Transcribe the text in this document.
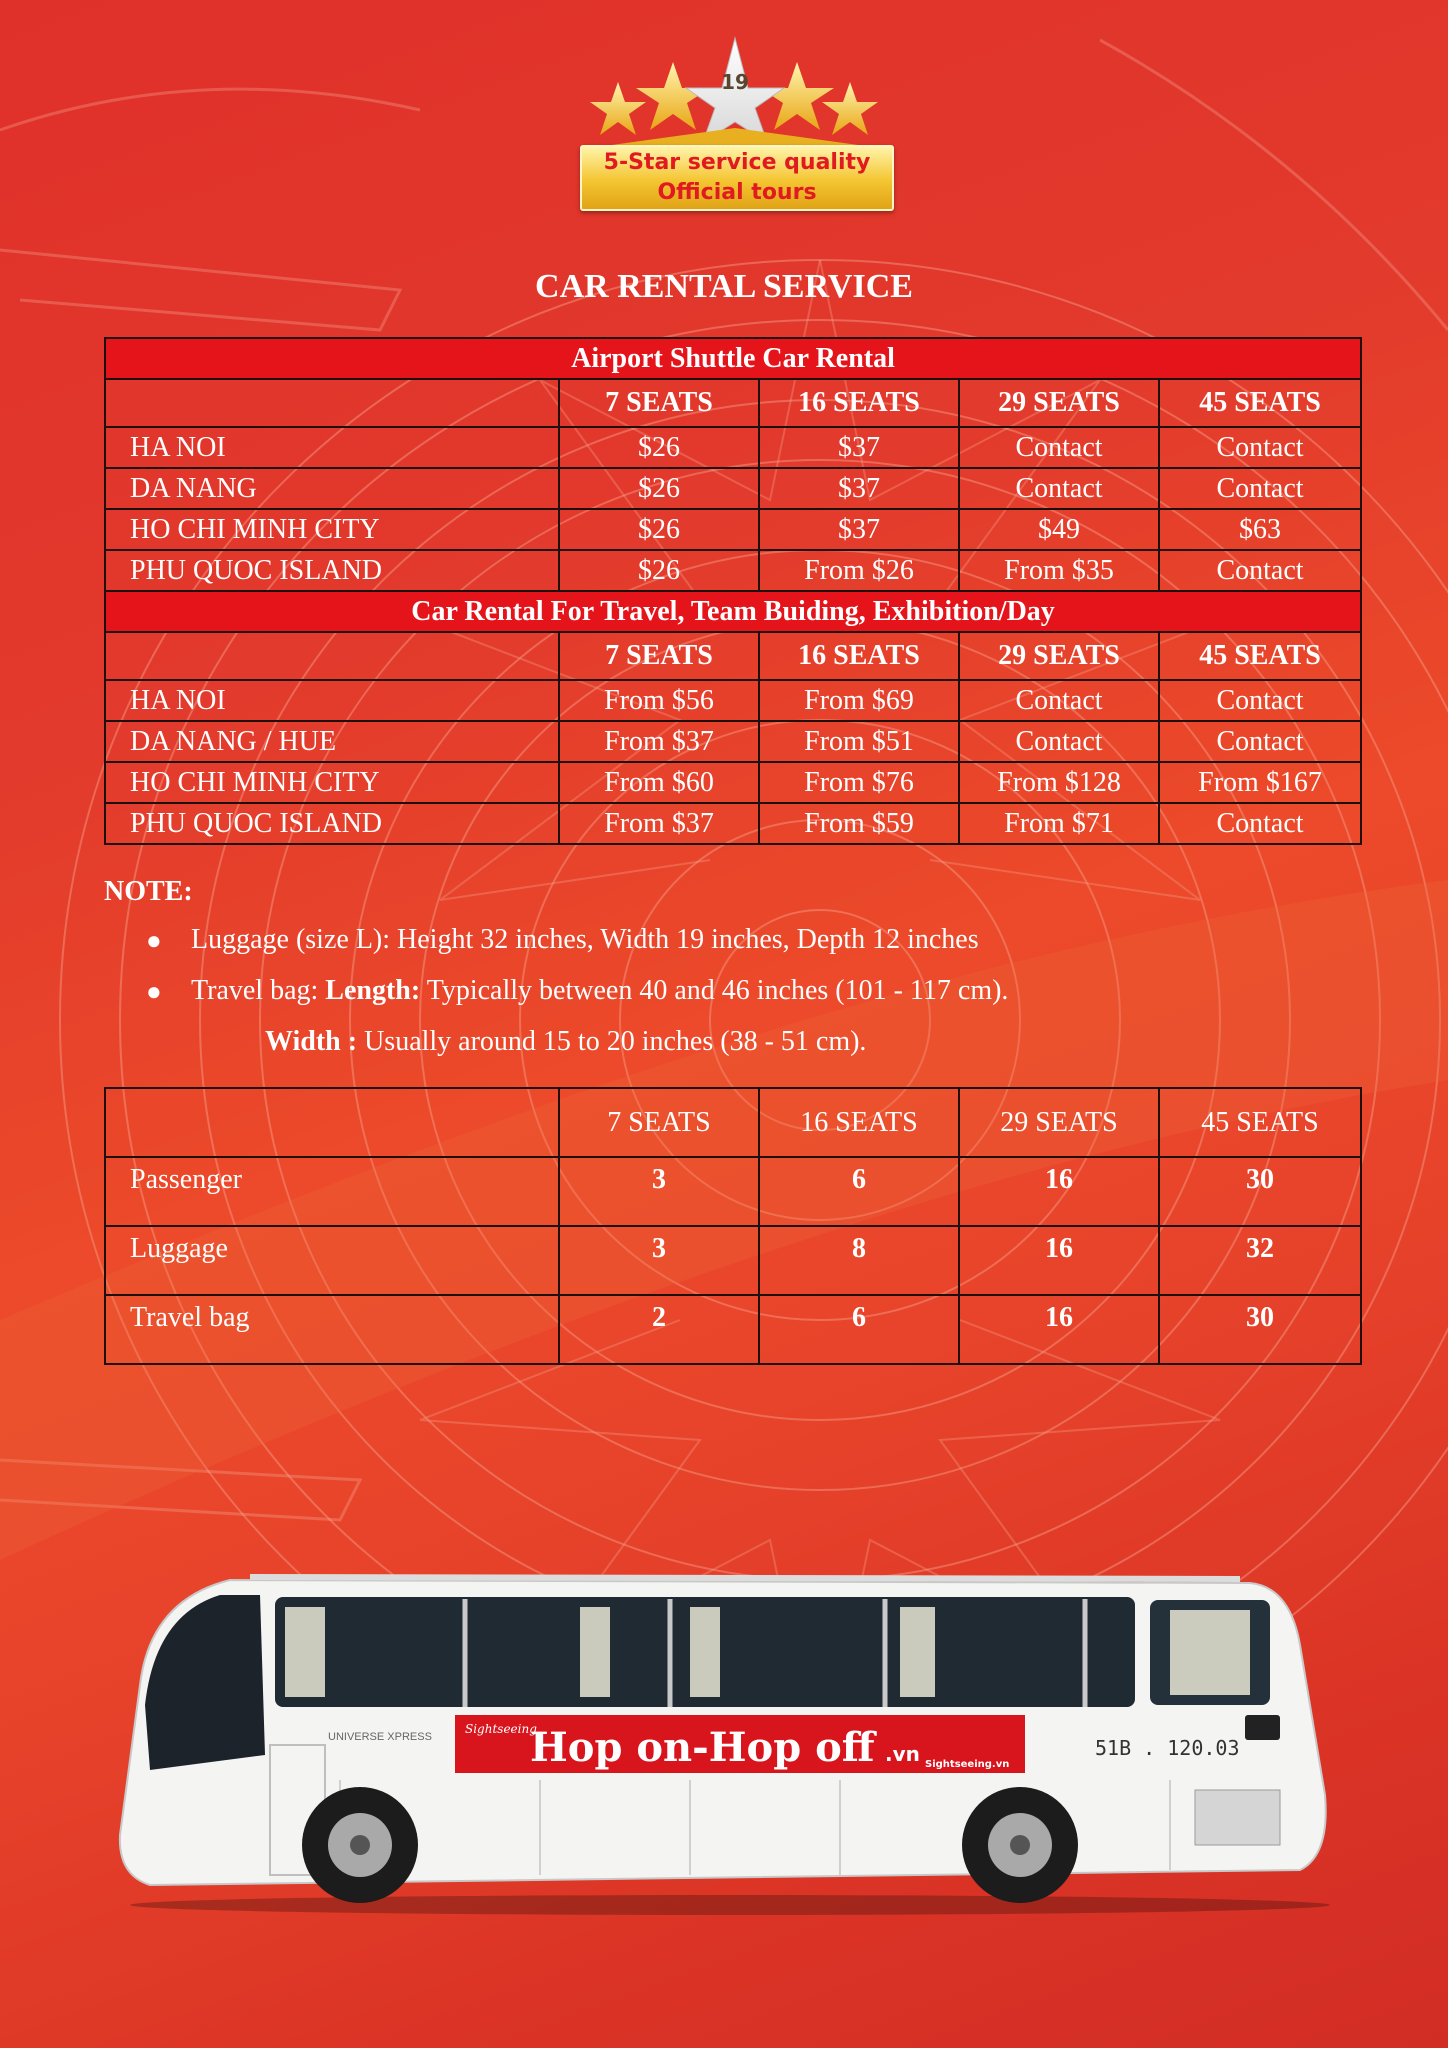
19
5-Star service quality
Official tours
CAR RENTAL SERVICE
Airport Shuttle Car Rental				
	7 SEATS	16 SEATS	29 SEATS	45 SEATS
HA NOI	$26	$37	Contact	Contact
DA NANG	$26	$37	Contact	Contact
HO CHI MINH CITY	$26	$37	$49	$63
PHU QUOC ISLAND	$26	From $26	From $35	Contact
Car Rental For Travel, Team Buiding, Exhibition/Day				
	7 SEATS	16 SEATS	29 SEATS	45 SEATS
HA NOI	From $56	From $69	Contact	Contact
DA NANG / HUE	From $37	From $51	Contact	Contact
HO CHI MINH CITY	From $60	From $76	From $128	From $167
PHU QUOC ISLAND	From $37	From $59	From $71	Contact
NOTE:
● Luggage (size L): Height 32 inches, Width 19 inches, Depth 12 inches
● Travel bag: Length: Typically between 40 and 46 inches (101 - 117 cm).
Width : Usually around 15 to 20 inches (38 - 51 cm).
	7 SEATS	16 SEATS	29 SEATS	45 SEATS
Passenger	3	6	16	30
Luggage	3	8	16	32
Travel bag	2	6	16	30
UNIVERSE XPRESS
Sightseeing
Hop on-Hop off .vn Sightseeing.vn
51B . 120.03
